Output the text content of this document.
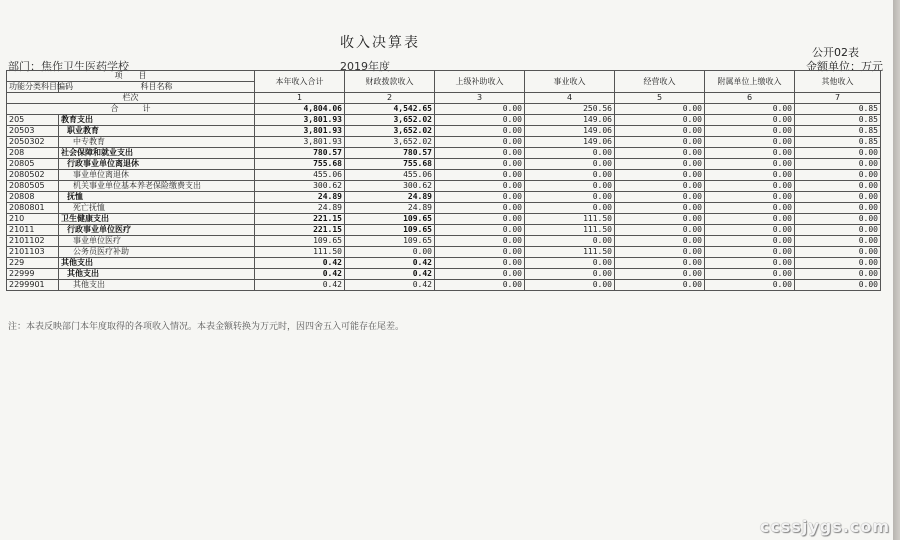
收入决算表
公开02表
部门：焦作卫生医药学校	2019年度	金额单位：万元
项　　目		本年收入合计	财政拨款收入	上级补助收入	事业收入	经营收入	附属单位上缴收入	其他收入
功能分类科目编码	科目名称							
栏次		1	2	3	4	5	6	7
合　　　计		4,804.06	4,542.65	0.00	250.56	0.00	0.00	0.85
205	教育支出	3,801.93	3,652.02	0.00	149.06	0.00	0.00	0.85
20503	职业教育	3,801.93	3,652.02	0.00	149.06	0.00	0.00	0.85
2050302	中专教育	3,801.93	3,652.02	0.00	149.06	0.00	0.00	0.85
208	社会保障和就业支出	780.57	780.57	0.00	0.00	0.00	0.00	0.00
20805	行政事业单位离退休	755.68	755.68	0.00	0.00	0.00	0.00	0.00
2080502	事业单位离退休	455.06	455.06	0.00	0.00	0.00	0.00	0.00
2080505	机关事业单位基本养老保险缴费支出	300.62	300.62	0.00	0.00	0.00	0.00	0.00
20808	抚恤	24.89	24.89	0.00	0.00	0.00	0.00	0.00
2080801	死亡抚恤	24.89	24.89	0.00	0.00	0.00	0.00	0.00
210	卫生健康支出	221.15	109.65	0.00	111.50	0.00	0.00	0.00
21011	行政事业单位医疗	221.15	109.65	0.00	111.50	0.00	0.00	0.00
2101102	事业单位医疗	109.65	109.65	0.00	0.00	0.00	0.00	0.00
2101103	公务员医疗补助	111.50	0.00	0.00	111.50	0.00	0.00	0.00
229	其他支出	0.42	0.42	0.00	0.00	0.00	0.00	0.00
22999	其他支出	0.42	0.42	0.00	0.00	0.00	0.00	0.00
2299901	其他支出	0.42	0.42	0.00	0.00	0.00	0.00	0.00
注：本表反映部门本年度取得的各项收入情况。本表金额转换为万元时，因四舍五入可能存在尾差。
ccssjygs.com
